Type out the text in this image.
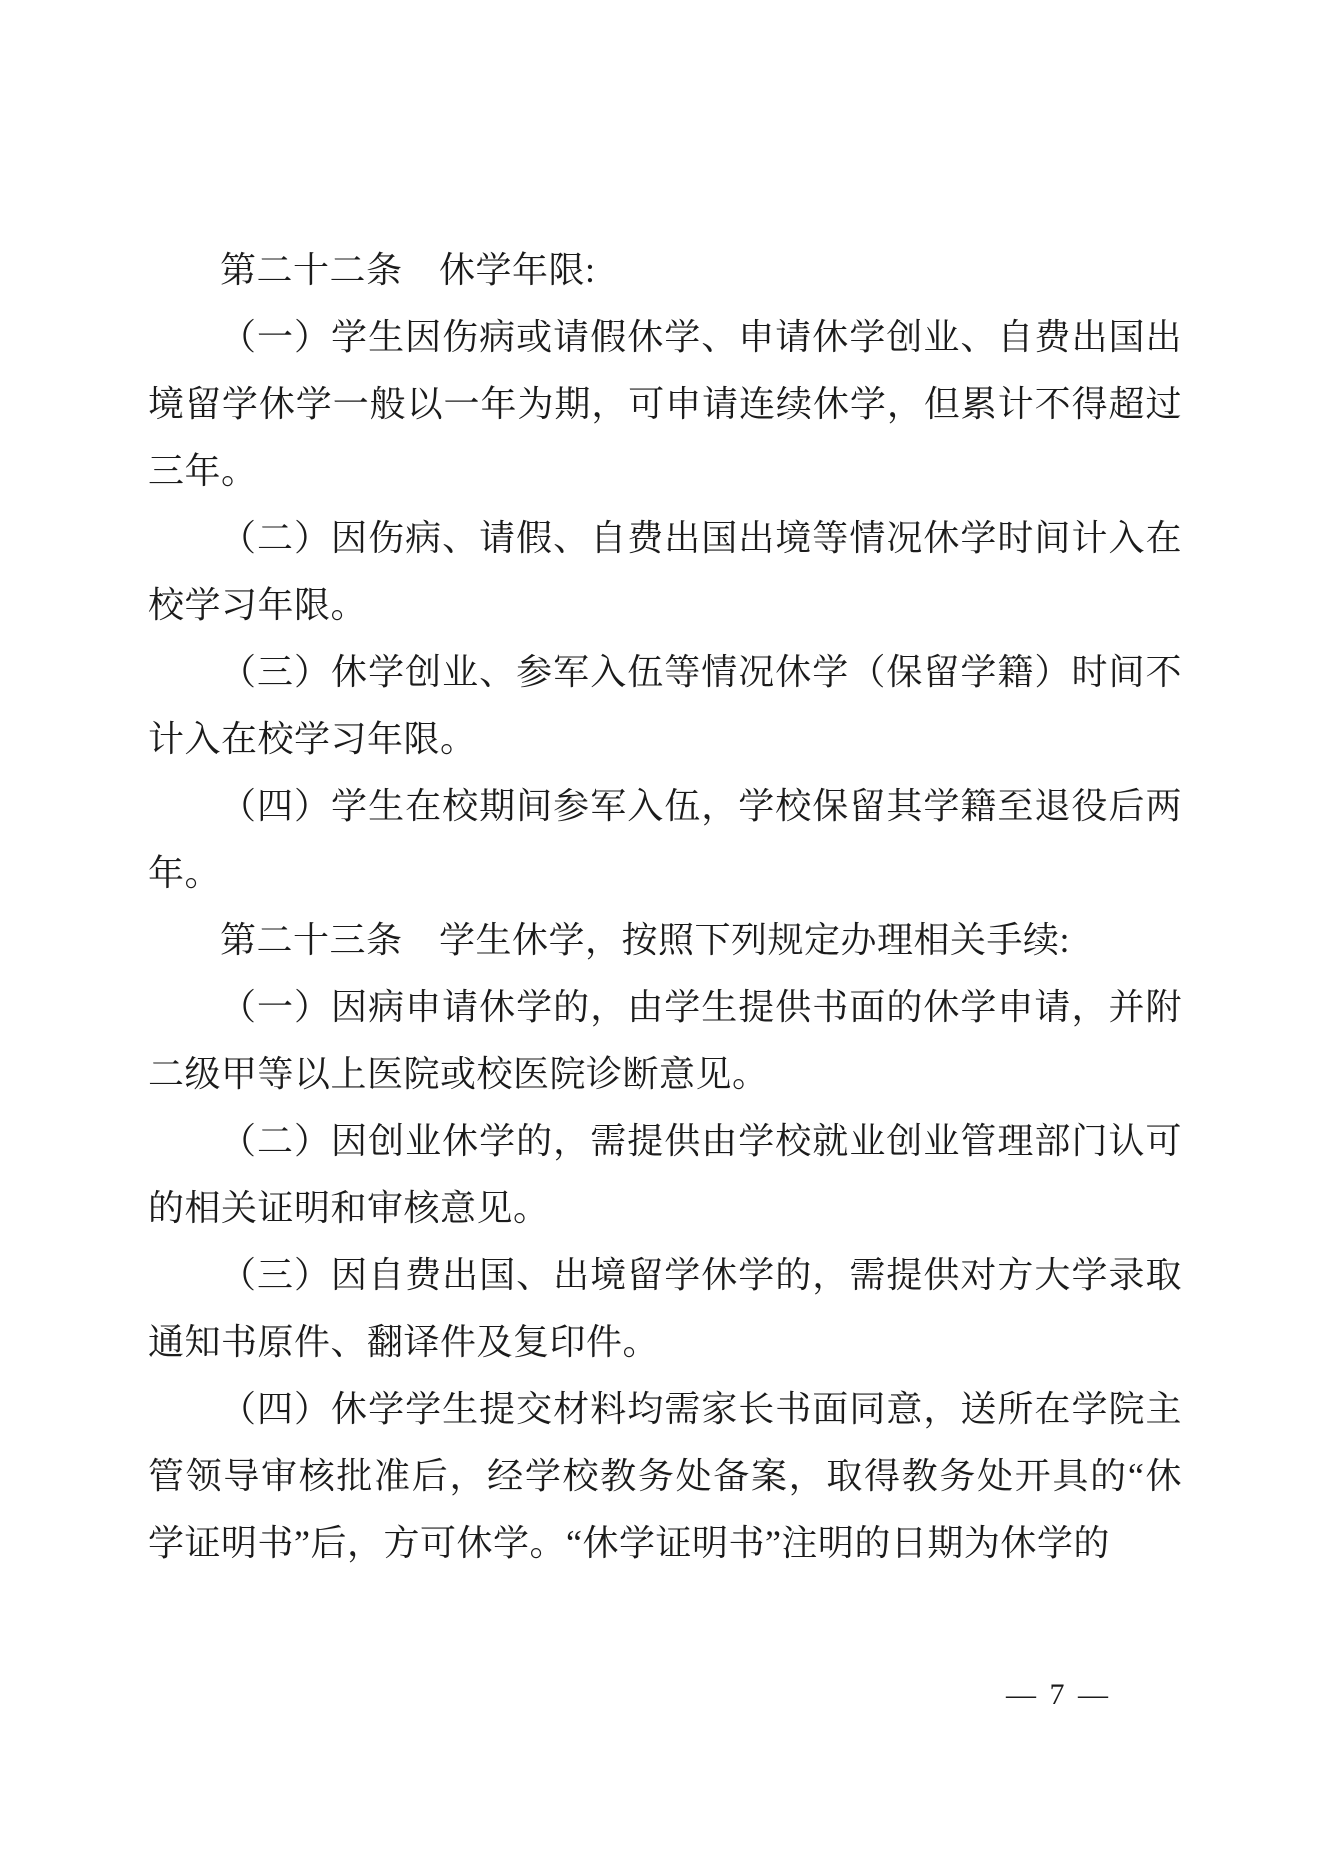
第二十二条　休学年限:
（一）学生因伤病或请假休学、申请休学创业、自费出国出
境留学休学一般以一年为期，可申请连续休学，但累计不得超过
三年。
（二）因伤病、请假、自费出国出境等情况休学时间计入在
校学习年限。
（三）休学创业、参军入伍等情况休学（保留学籍）时间不
计入在校学习年限。
（四）学生在校期间参军入伍，学校保留其学籍至退役后两
年。
第二十三条　学生休学，按照下列规定办理相关手续:
（一）因病申请休学的，由学生提供书面的休学申请，并附
二级甲等以上医院或校医院诊断意见。
（二）因创业休学的，需提供由学校就业创业管理部门认可
的相关证明和审核意见。
（三）因自费出国、出境留学休学的，需提供对方大学录取
通知书原件、翻译件及复印件。
（四）休学学生提交材料均需家长书面同意，送所在学院主
管领导审核批准后，经学校教务处备案，取得教务处开具的“休
学证明书”后，方可休学。“休学证明书”注明的日期为休学的
— 7 —
